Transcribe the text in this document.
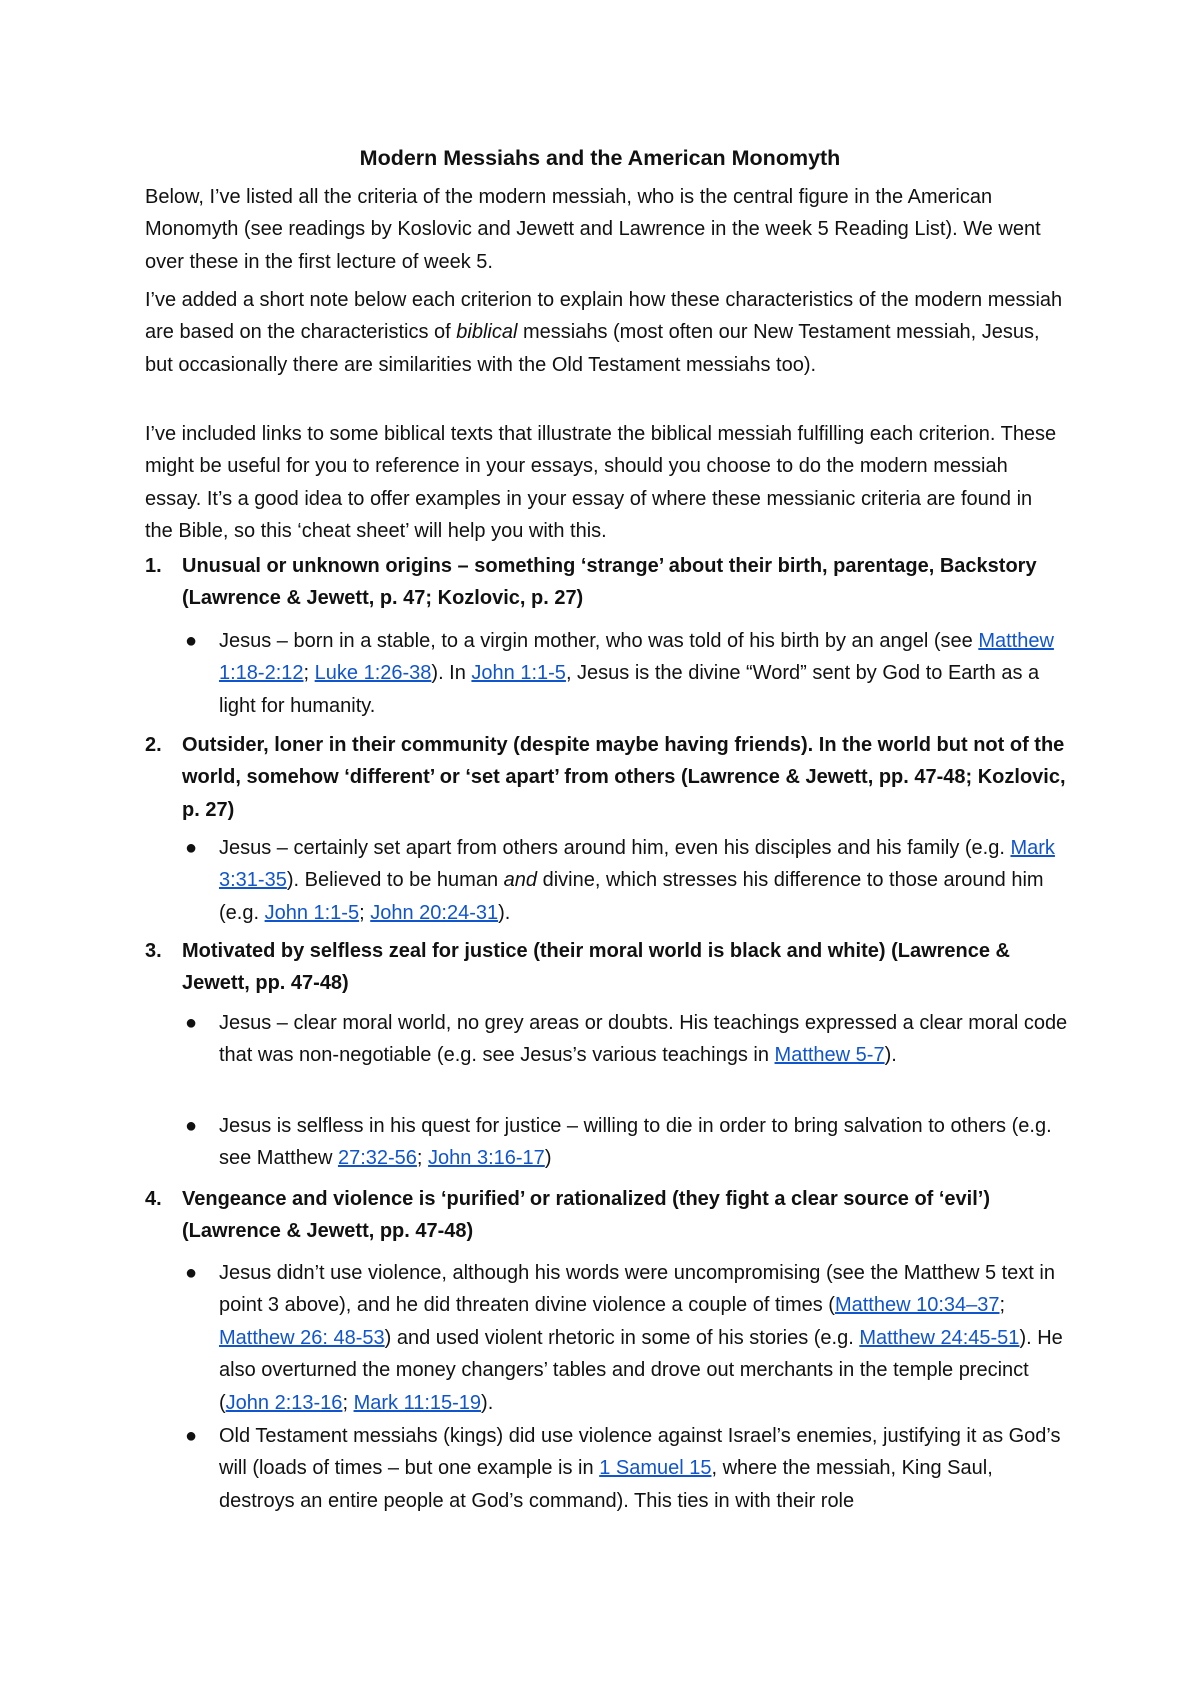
Modern Messiahs and the American Monomyth

Below, I’ve listed all the criteria of the modern messiah, who is the central figure in the American Monomyth (see readings by Koslovic and Jewett and Lawrence in the week 5 Reading List). We went over these in the first lecture of week 5.

I’ve added a short note below each criterion to explain how these characteristics of the modern messiah are based on the characteristics of biblical messiahs (most often our New Testament messiah, Jesus, but occasionally there are similarities with the Old Testament messiahs too).

I’ve included links to some biblical texts that illustrate the biblical messiah fulfilling each criterion. These might be useful for you to reference in your essays, should you choose to do the modern messiah essay. It’s a good idea to offer examples in your essay of where these messianic criteria are found in the Bible, so this ‘cheat sheet’ will help you with this.

1.	Unusual or unknown origins – something ‘strange’ about their birth, parentage, Backstory (Lawrence & Jewett, p. 47; Kozlovic, p. 27)
● Jesus – born in a stable, to a virgin mother, who was told of his birth by an angel (see Matthew 1:18-2:12; Luke 1:26-38). In John 1:1-5, Jesus is the divine “Word” sent by God to Earth as a light for humanity.
2.	Outsider, loner in their community (despite maybe having friends). In the world but not of the world, somehow ‘different’ or ‘set apart’ from others (Lawrence & Jewett, pp. 47-48; Kozlovic, p. 27)
● Jesus – certainly set apart from others around him, even his disciples and his family (e.g. Mark 3:31-35). Believed to be human and divine, which stresses his difference to those around him (e.g. John 1:1-5; John 20:24-31).
3.	Motivated by selfless zeal for justice (their moral world is black and white) (Lawrence & Jewett, pp. 47-48)
● Jesus – clear moral world, no grey areas or doubts. His teachings expressed a clear moral code that was non-negotiable (e.g. see Jesus’s various teachings in Matthew 5-7).
● Jesus is selfless in his quest for justice – willing to die in order to bring salvation to others (e.g. see Matthew 27:32-56; John 3:16-17)
4.	Vengeance and violence is ‘purified’ or rationalized (they fight a clear source of ‘evil’) (Lawrence & Jewett, pp. 47-48)
● Jesus didn’t use violence, although his words were uncompromising (see the Matthew 5 text in point 3 above), and he did threaten divine violence a couple of times (Matthew 10:34–37; Matthew 26: 48-53) and used violent rhetoric in some of his stories (e.g. Matthew 24:45-51). He also overturned the money changers’ tables and drove out merchants in the temple precinct (John 2:13-16; Mark 11:15-19).
● Old Testament messiahs (kings) did use violence against Israel’s enemies, justifying it as God’s will (loads of times – but one example is in 1 Samuel 15, where the messiah, King Saul, destroys an entire people at God’s command). This ties in with their role
